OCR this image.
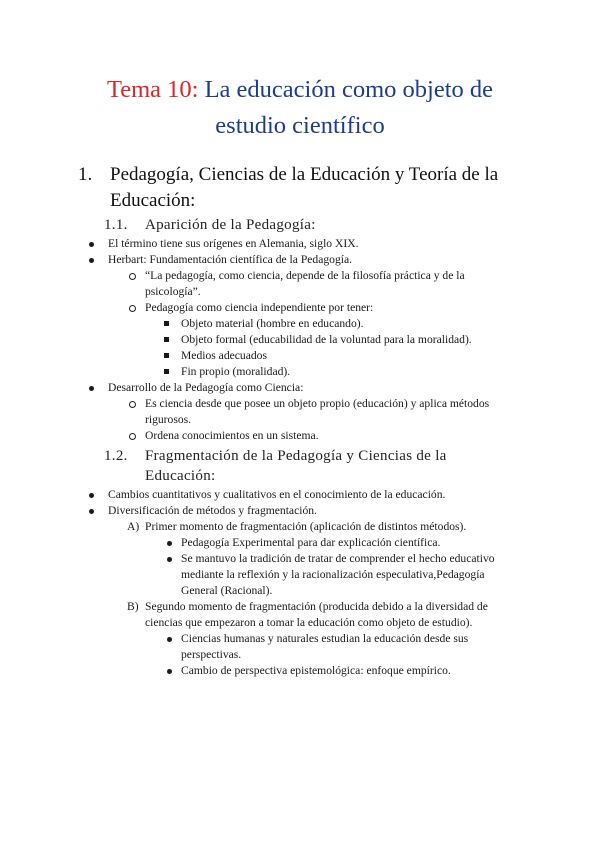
Tema 10: La educación como objeto de
estudio científico
1. Pedagogía, Ciencias de la Educación y Teoría de la
Educación:
1.1. Aparición de la Pedagogía:
El término tiene sus orígenes en Alemania, siglo XIX.
Herbart: Fundamentación científica de la Pedagogía.
“La pedagogía, como ciencia, depende de la filosofía práctica y de la
psicología”.
Pedagogía como ciencia independiente por tener:
Objeto material (hombre en educando).
Objeto formal (educabilidad de la voluntad para la moralidad).
Medios adecuados
Fin propio (moralidad).
Desarrollo de la Pedagogía como Ciencia:
Es ciencia desde que posee un objeto propio (educación) y aplica métodos
rigurosos.
Ordena conocimientos en un sistema.
1.2. Fragmentación de la Pedagogía y Ciencias de la
Educación:
Cambios cuantitativos y cualitativos en el conocimiento de la educación.
Diversificación de métodos y fragmentación.
A) Primer momento de fragmentación (aplicación de distintos métodos).
Pedagogía Experimental para dar explicación científica.
Se mantuvo la tradición de tratar de comprender el hecho educativo
mediante la reflexión y la racionalización especulativa,Pedagogía
General (Racional).
B) Segundo momento de fragmentación (producida debido a la diversidad de
ciencias que empezaron a tomar la educación como objeto de estudio).
Ciencias humanas y naturales estudian la educación desde sus
perspectivas.
Cambio de perspectiva epistemológica: enfoque empírico.
